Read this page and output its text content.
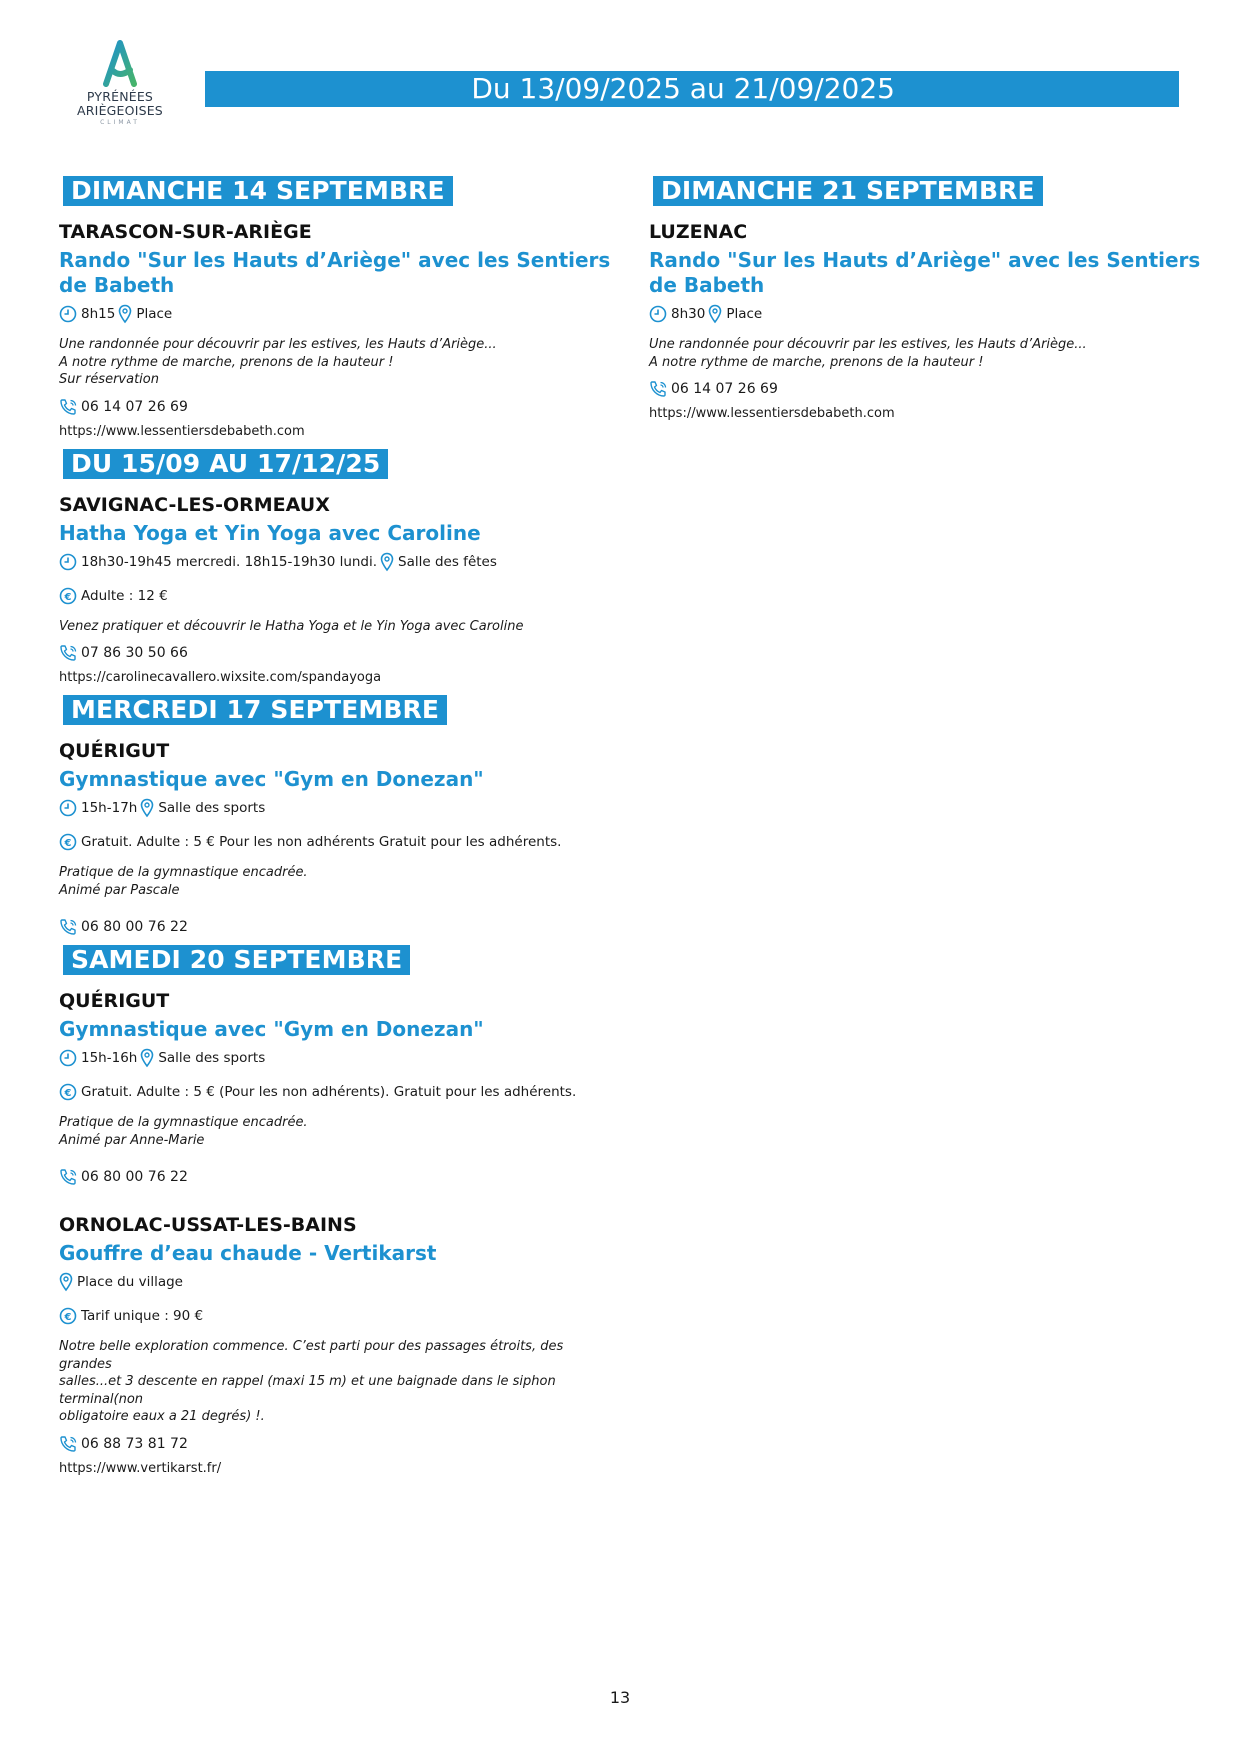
PYRÉNÉES
ARIÈGEOISES
CLIMAT
Du 13/09/2025 au 21/09/2025
DIMANCHE 14 SEPTEMBRE
TARASCON-SUR-ARIÈGE
Rando "Sur les Hauts d’Ariège" avec les Sentiers de Babeth
8h15 Place
Une randonnée pour découvrir par les estives, les Hauts d’Ariège...
A notre rythme de marche, prenons de la hauteur !
Sur réservation
06 14 07 26 69
https://www.lessentiersdebabeth.com
DU 15/09 AU 17/12/25
SAVIGNAC-LES-ORMEAUX
Hatha Yoga et Yin Yoga avec Caroline
18h30-19h45 mercredi. 18h15-19h30 lundi. Salle des fêtes
€ Adulte : 12 €
Venez pratiquer et découvrir le Hatha Yoga et le Yin Yoga avec Caroline
07 86 30 50 66
https://carolinecavallero.wixsite.com/spandayoga
MERCREDI 17 SEPTEMBRE
QUÉRIGUT
Gymnastique avec "Gym en Donezan"
15h-17h Salle des sports
€ Gratuit. Adulte : 5 € Pour les non adhérents Gratuit pour les adhérents.
Pratique de la gymnastique encadrée.
Animé par Pascale
06 80 00 76 22
SAMEDI 20 SEPTEMBRE
QUÉRIGUT
Gymnastique avec "Gym en Donezan"
15h-16h Salle des sports
€ Gratuit. Adulte : 5 € (Pour les non adhérents). Gratuit pour les adhérents.
Pratique de la gymnastique encadrée.
Animé par Anne-Marie
06 80 00 76 22
ORNOLAC-USSAT-LES-BAINS
Gouffre d’eau chaude - Vertikarst
Place du village
€ Tarif unique : 90 €
Notre belle exploration commence. C’est parti pour des passages étroits, des grandes
salles...et 3 descente en rappel (maxi 15 m) et une baignade dans le siphon terminal(non
obligatoire eaux a 21 degrés) !.
06 88 73 81 72
https://www.vertikarst.fr/
DIMANCHE 21 SEPTEMBRE
LUZENAC
Rando "Sur les Hauts d’Ariège" avec les Sentiers de Babeth
8h30 Place
Une randonnée pour découvrir par les estives, les Hauts d’Ariège...
A notre rythme de marche, prenons de la hauteur !
06 14 07 26 69
https://www.lessentiersdebabeth.com
13
